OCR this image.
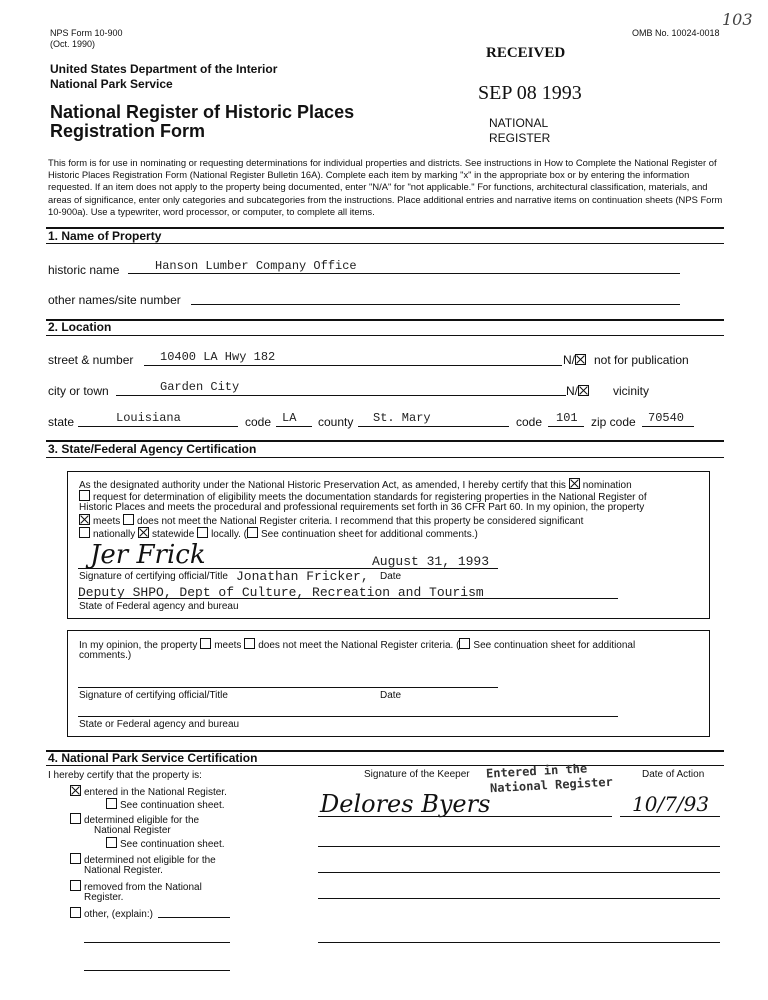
NPS Form 10-900
(Oct. 1990)
OMB No. 10024-0018
103
United States Department of the Interior
National Park Service
National Register of Historic Places
Registration Form
RECEIVED
SEP 08 1993
NATIONAL
REGISTER
This form is for use in nominating or requesting determinations for individual properties and districts. See instructions in How to Complete the National Register of Historic Places Registration Form (National Register Bulletin 16A). Complete each item by marking "x" in the appropriate box or by entering the information requested. If an item does not apply to the property being documented, enter "N/A" for "not applicable." For functions, architectural classification, materials, and areas of significance, enter only categories and subcategories from the instructions. Place additional entries and narrative items on continuation sheets (NPS Form 10-900a). Use a typewriter, word processor, or computer, to complete all items.
1. Name of Property
historic name	Hanson Lumber Company Office
other names/site number
2. Location
street & number 10400 LA Hwy 182	N/	not for publication
city or town	Garden City	N/	vicinity
state	Louisiana	code LA county St. Mary	code 101 zip code 70540
3. State/Federal Agency Certification
As the designated authority under the National Historic Preservation Act, as amended, I hereby certify that this nomination
request for determination of eligibility meets the documentation standards for registering properties in the National Register of
Historic Places and meets the procedural and professional requirements set forth in 36 CFR Part 60. In my opinion, the property
meets does not meet the National Register criteria. I recommend that this property be considered significant
nationally statewide locally. ( See continuation sheet for additional comments.)
Jer Frick	August 31, 1993
Signature of certifying official/Title Jonathan Fricker, Date
Deputy SHPO, Dept of Culture, Recreation and Tourism
State of Federal agency and bureau
In my opinion, the property meets does not meet the National Register criteria. ( See continuation sheet for additional
comments.)
Signature of certifying official/Title	Date
State or Federal agency and bureau
4. National Park Service Certification
I hereby certify that the property is:	Signature of the Keeper	Date of Action
Entered in the
National Register
Delores Byers	10/7/93
entered in the National Register.
See continuation sheet.
determined eligible for the
National Register
See continuation sheet.
determined not eligible for the
National Register.
removed from the National
Register.
other, (explain:)
